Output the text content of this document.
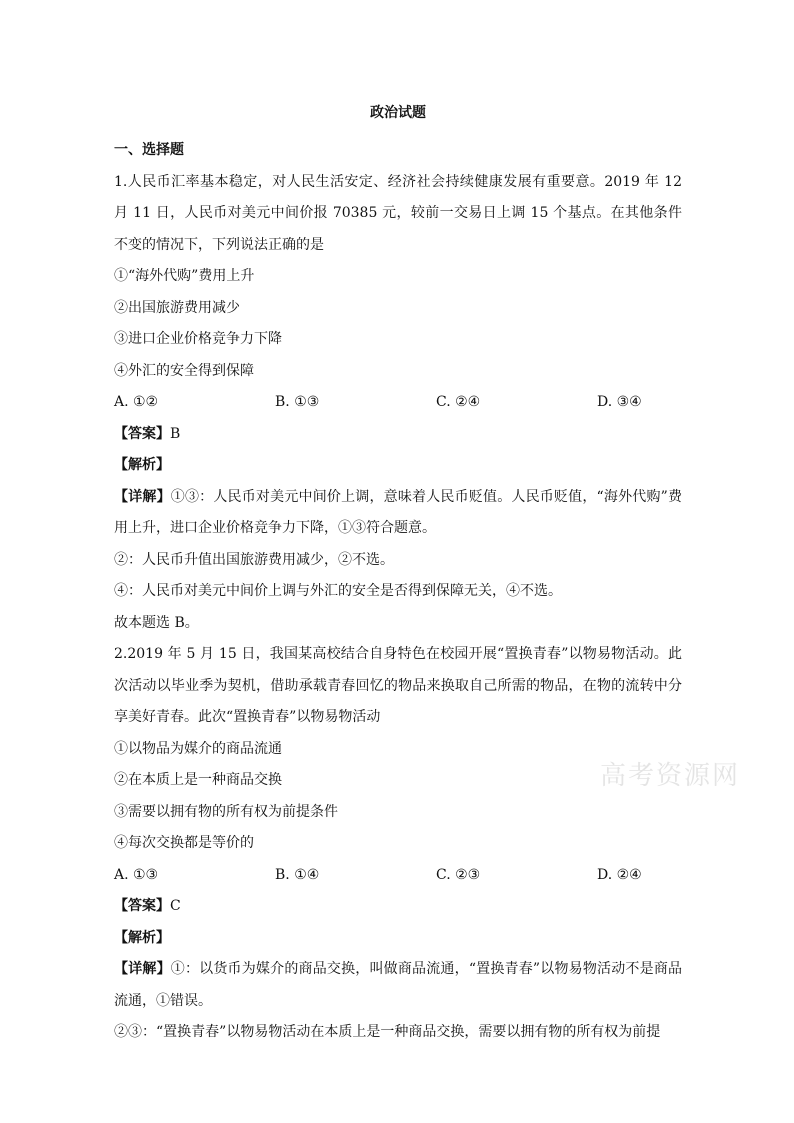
政治试题
一、选择题

1.人民币汇率基本稳定，对人民生活安定、经济社会持续健康发展有重要意。2019 年 12 月 11 日，人民币对美元中间价报 70385 元，较前一交易日上调 15 个基点。在其他条件不变的情况下，下列说法正确的是

①“海外代购”费用上升

②出国旅游费用减少

③进口企业价格竞争力下降

④外汇的安全得到保障

A. ①②	B. ①③	C. ②④	D. ③④

【答案】B

【解析】

【详解】①③：人民币对美元中间价上调，意味着人民币贬值。人民币贬值，“海外代购”费用上升，进口企业价格竞争力下降，①③符合题意。

②：人民币升值出国旅游费用减少，②不选。

④：人民币对美元中间价上调与外汇的安全是否得到保障无关，④不选。

故本题选 B。

2.2019 年 5 月 15 日，我国某高校结合自身特色在校园开展“置换青春”以物易物活动。此次活动以毕业季为契机，借助承载青春回忆的物品来换取自己所需的物品，在物的流转中分享美好青春。此次“置换青春”以物易物活动

①以物品为媒介的商品流通

②在本质上是一种商品交换

③需要以拥有物的所有权为前提条件

④每次交换都是等价的

A. ①③	B. ①④	C. ②③	D. ②④

【答案】C

【解析】

【详解】①：以货币为媒介的商品交换，叫做商品流通，“置换青春”以物易物活动不是商品流通，①错误。

②③：“置换青春”以物易物活动在本质上是一种商品交换，需要以拥有物的所有权为前提

高考资源网
